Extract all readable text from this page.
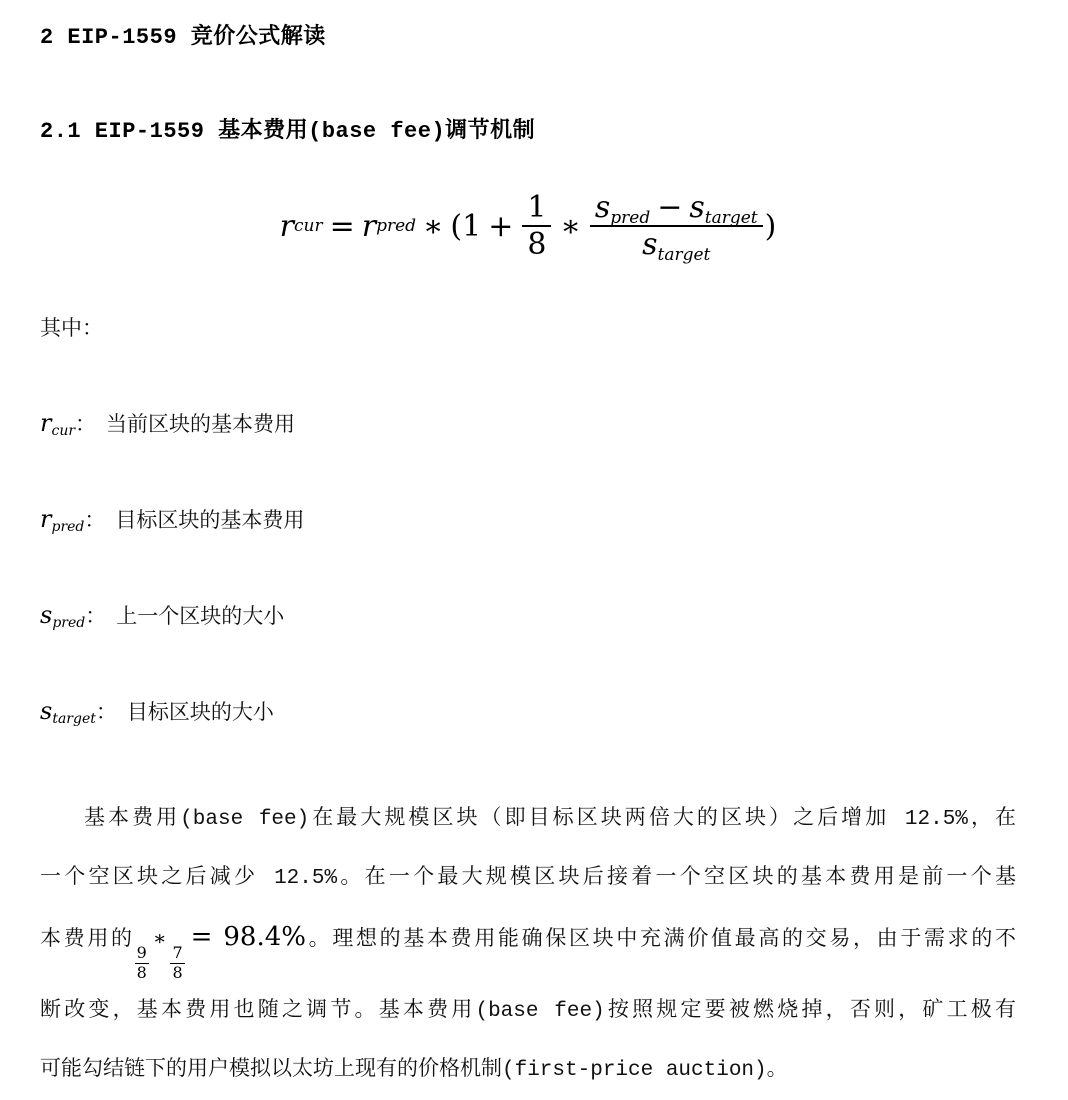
2 EIP-1559 竞价公式解读
2.1 EIP-1559 基本费用(base fee)调节机制
r cur = r pred ∗ ( $1 + \frac{1}{8}$ ∗ $\frac{s_{pred} - s_{target}}{s_{target}}$ )
其中：
$r_{cur}$： 当前区块的基本费用
$r_{pred}$： 目标区块的基本费用
$s_{pred}$： 上一个区块的大小
$s_{target}$： 目标区块的大小
基本费用(base fee)在最大规模区块（即目标区块两倍大的区块）之后增加 12.5%，在
一个空区块之后减少 12.5%。在一个最大规模区块后接着一个空区块的基本费用是前一个基
本费用的
$\frac{9}{8}$
∗
$\frac{7}{8}$
= 98.4%。理想的基本费用能确保区块中充满价值最高的交易，由于需求的不
断改变，基本费用也随之调节。基本费用(base fee)按照规定要被燃烧掉，否则，矿工极有
可能勾结链下的用户模拟以太坊上现有的价格机制(first-price auction)。
